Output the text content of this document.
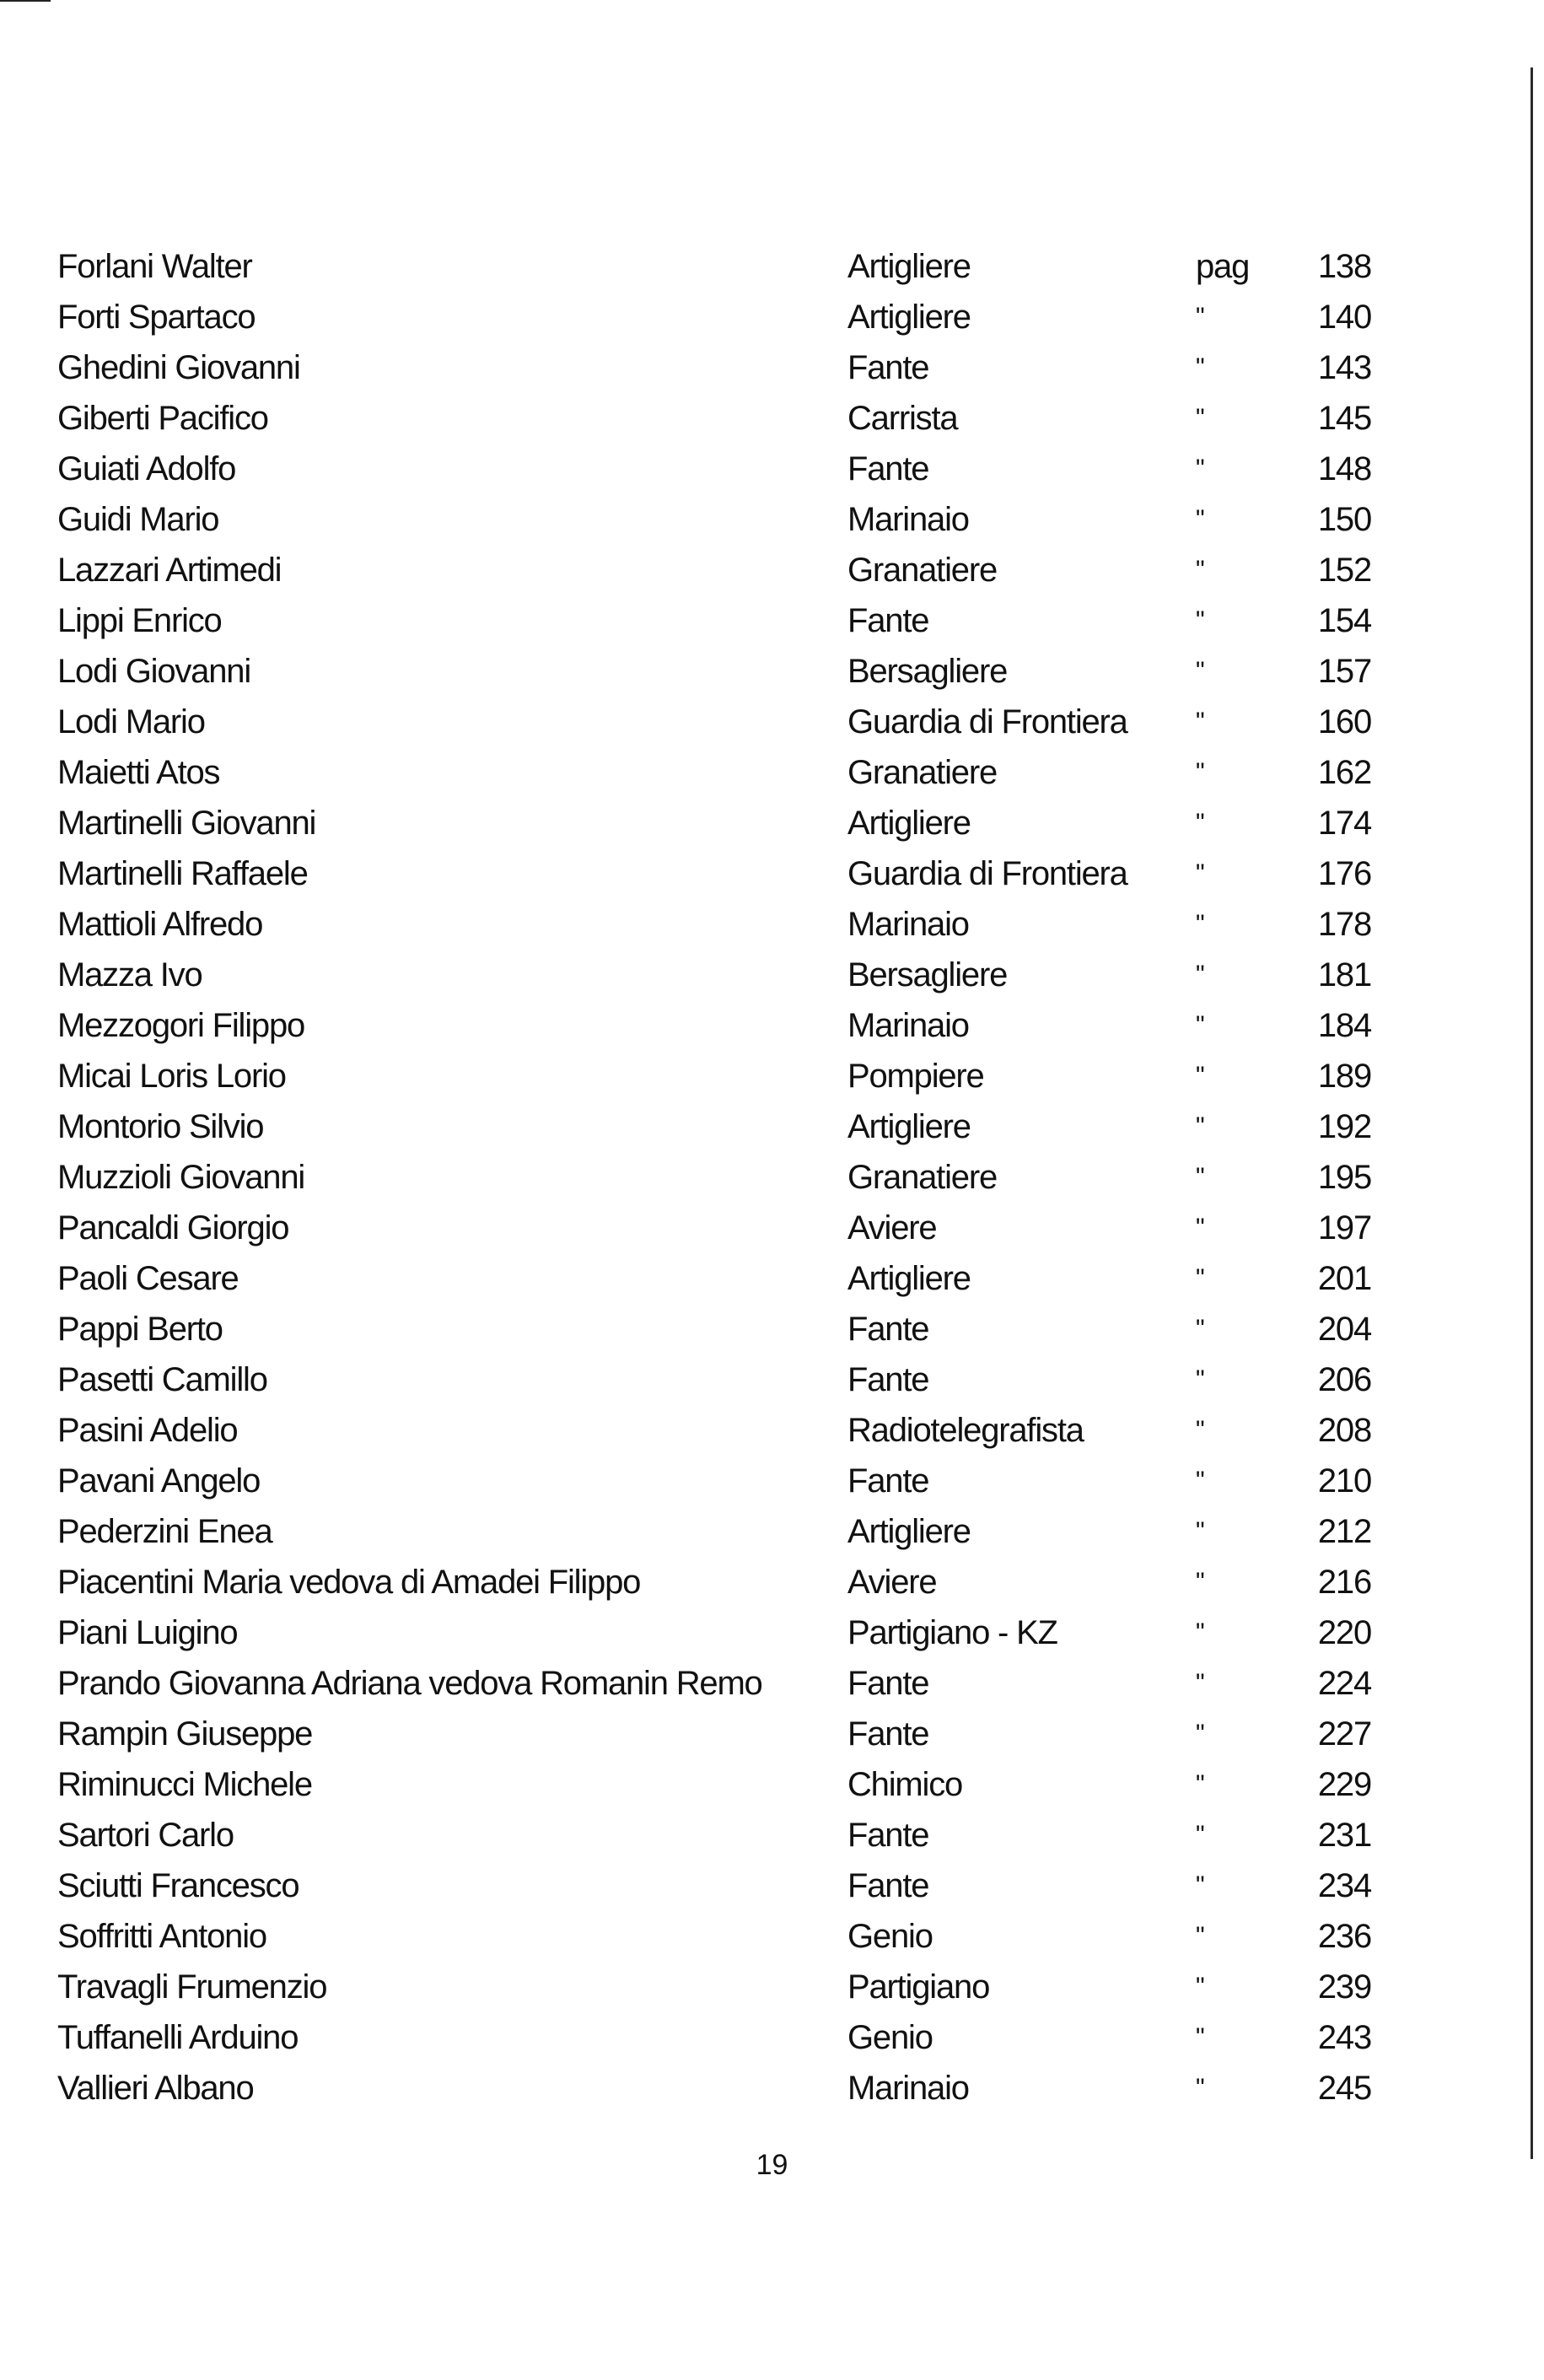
Forlani Walter	Artigliere	pag 138
Forti Spartaco	Artigliere	"	140
Ghedini Giovanni	Fante	"	143
Giberti Pacifico	Carrista	"	145
Guiati Adolfo	Fante	"	148
Guidi Mario	Marinaio	"	150
Lazzari Artimedi	Granatiere	"	152
Lippi Enrico	Fante	"	154
Lodi Giovanni	Bersagliere	"	157
Lodi Mario	Guardia di Frontiera	"	160
Maietti Atos	Granatiere	"	162
Martinelli Giovanni	Artigliere	"	174
Martinelli Raffaele	Guardia di Frontiera	"	176
Mattioli Alfredo	Marinaio	"	178
Mazza Ivo	Bersagliere	"	181
Mezzogori Filippo	Marinaio	"	184
Micai Loris Lorio	Pompiere	"	189
Montorio Silvio	Artigliere	"	192
Muzzioli Giovanni	Granatiere	"	195
Pancaldi Giorgio	Aviere	"	197
Paoli Cesare	Artigliere	"	201
Pappi Berto	Fante	"	204
Pasetti Camillo	Fante	"	206
Pasini Adelio	Radiotelegrafista	"	208
Pavani Angelo	Fante	"	210
Pederzini Enea	Artigliere	"	212
Piacentini Maria vedova di Amadei Filippo	Aviere	"	216
Piani Luigino	Partigiano - KZ	"	220
Prando Giovanna Adriana vedova Romanin Remo	Fante	"	224
Rampin Giuseppe	Fante	"	227
Riminucci Michele	Chimico	"	229
Sartori Carlo	Fante	"	231
Sciutti Francesco	Fante	"	234
Soffritti Antonio	Genio	"	236
Travagli Frumenzio	Partigiano	"	239
Tuffanelli Arduino	Genio	"	243
Vallieri Albano	Marinaio	"	245
19
